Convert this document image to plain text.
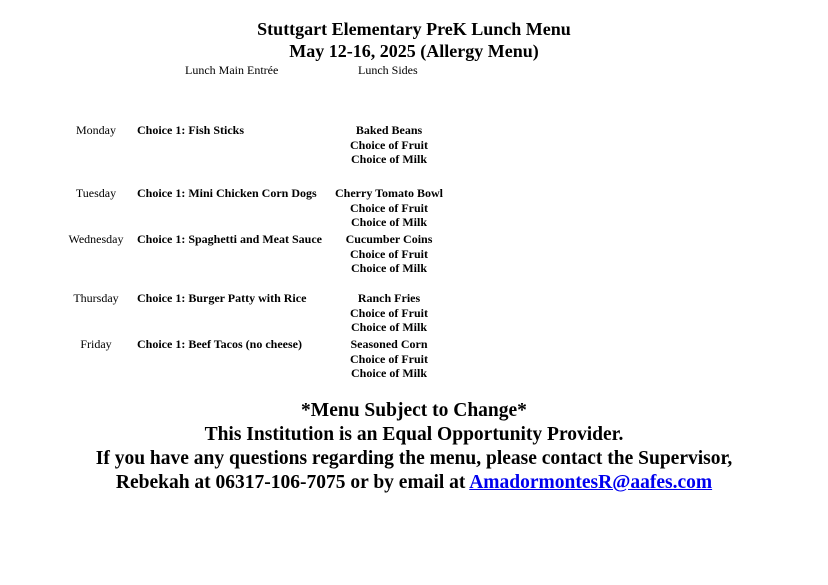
Stuttgart Elementary PreK Lunch Menu
May 12-16, 2025 (Allergy Menu)
Lunch Main Entrée	Lunch Sides
Monday	Choice 1: Fish Sticks	Baked Beans
Choice of Fruit
Choice of Milk
Tuesday	Choice 1: Mini Chicken Corn Dogs	Cherry Tomato Bowl
Choice of Fruit
Choice of Milk
Wednesday	Choice 1: Spaghetti and Meat Sauce	Cucumber Coins
Choice of Fruit
Choice of Milk
Thursday	Choice 1: Burger Patty with Rice	Ranch Fries
Choice of Fruit
Choice of Milk
Friday	Choice 1: Beef Tacos (no cheese)	Seasoned Corn
Choice of Fruit
Choice of Milk
*Menu Subject to Change*
This Institution is an Equal Opportunity Provider.
If you have any questions regarding the menu, please contact the Supervisor,
Rebekah at 06317-106-7075 or by email at AmadormontesR@aafes.com
